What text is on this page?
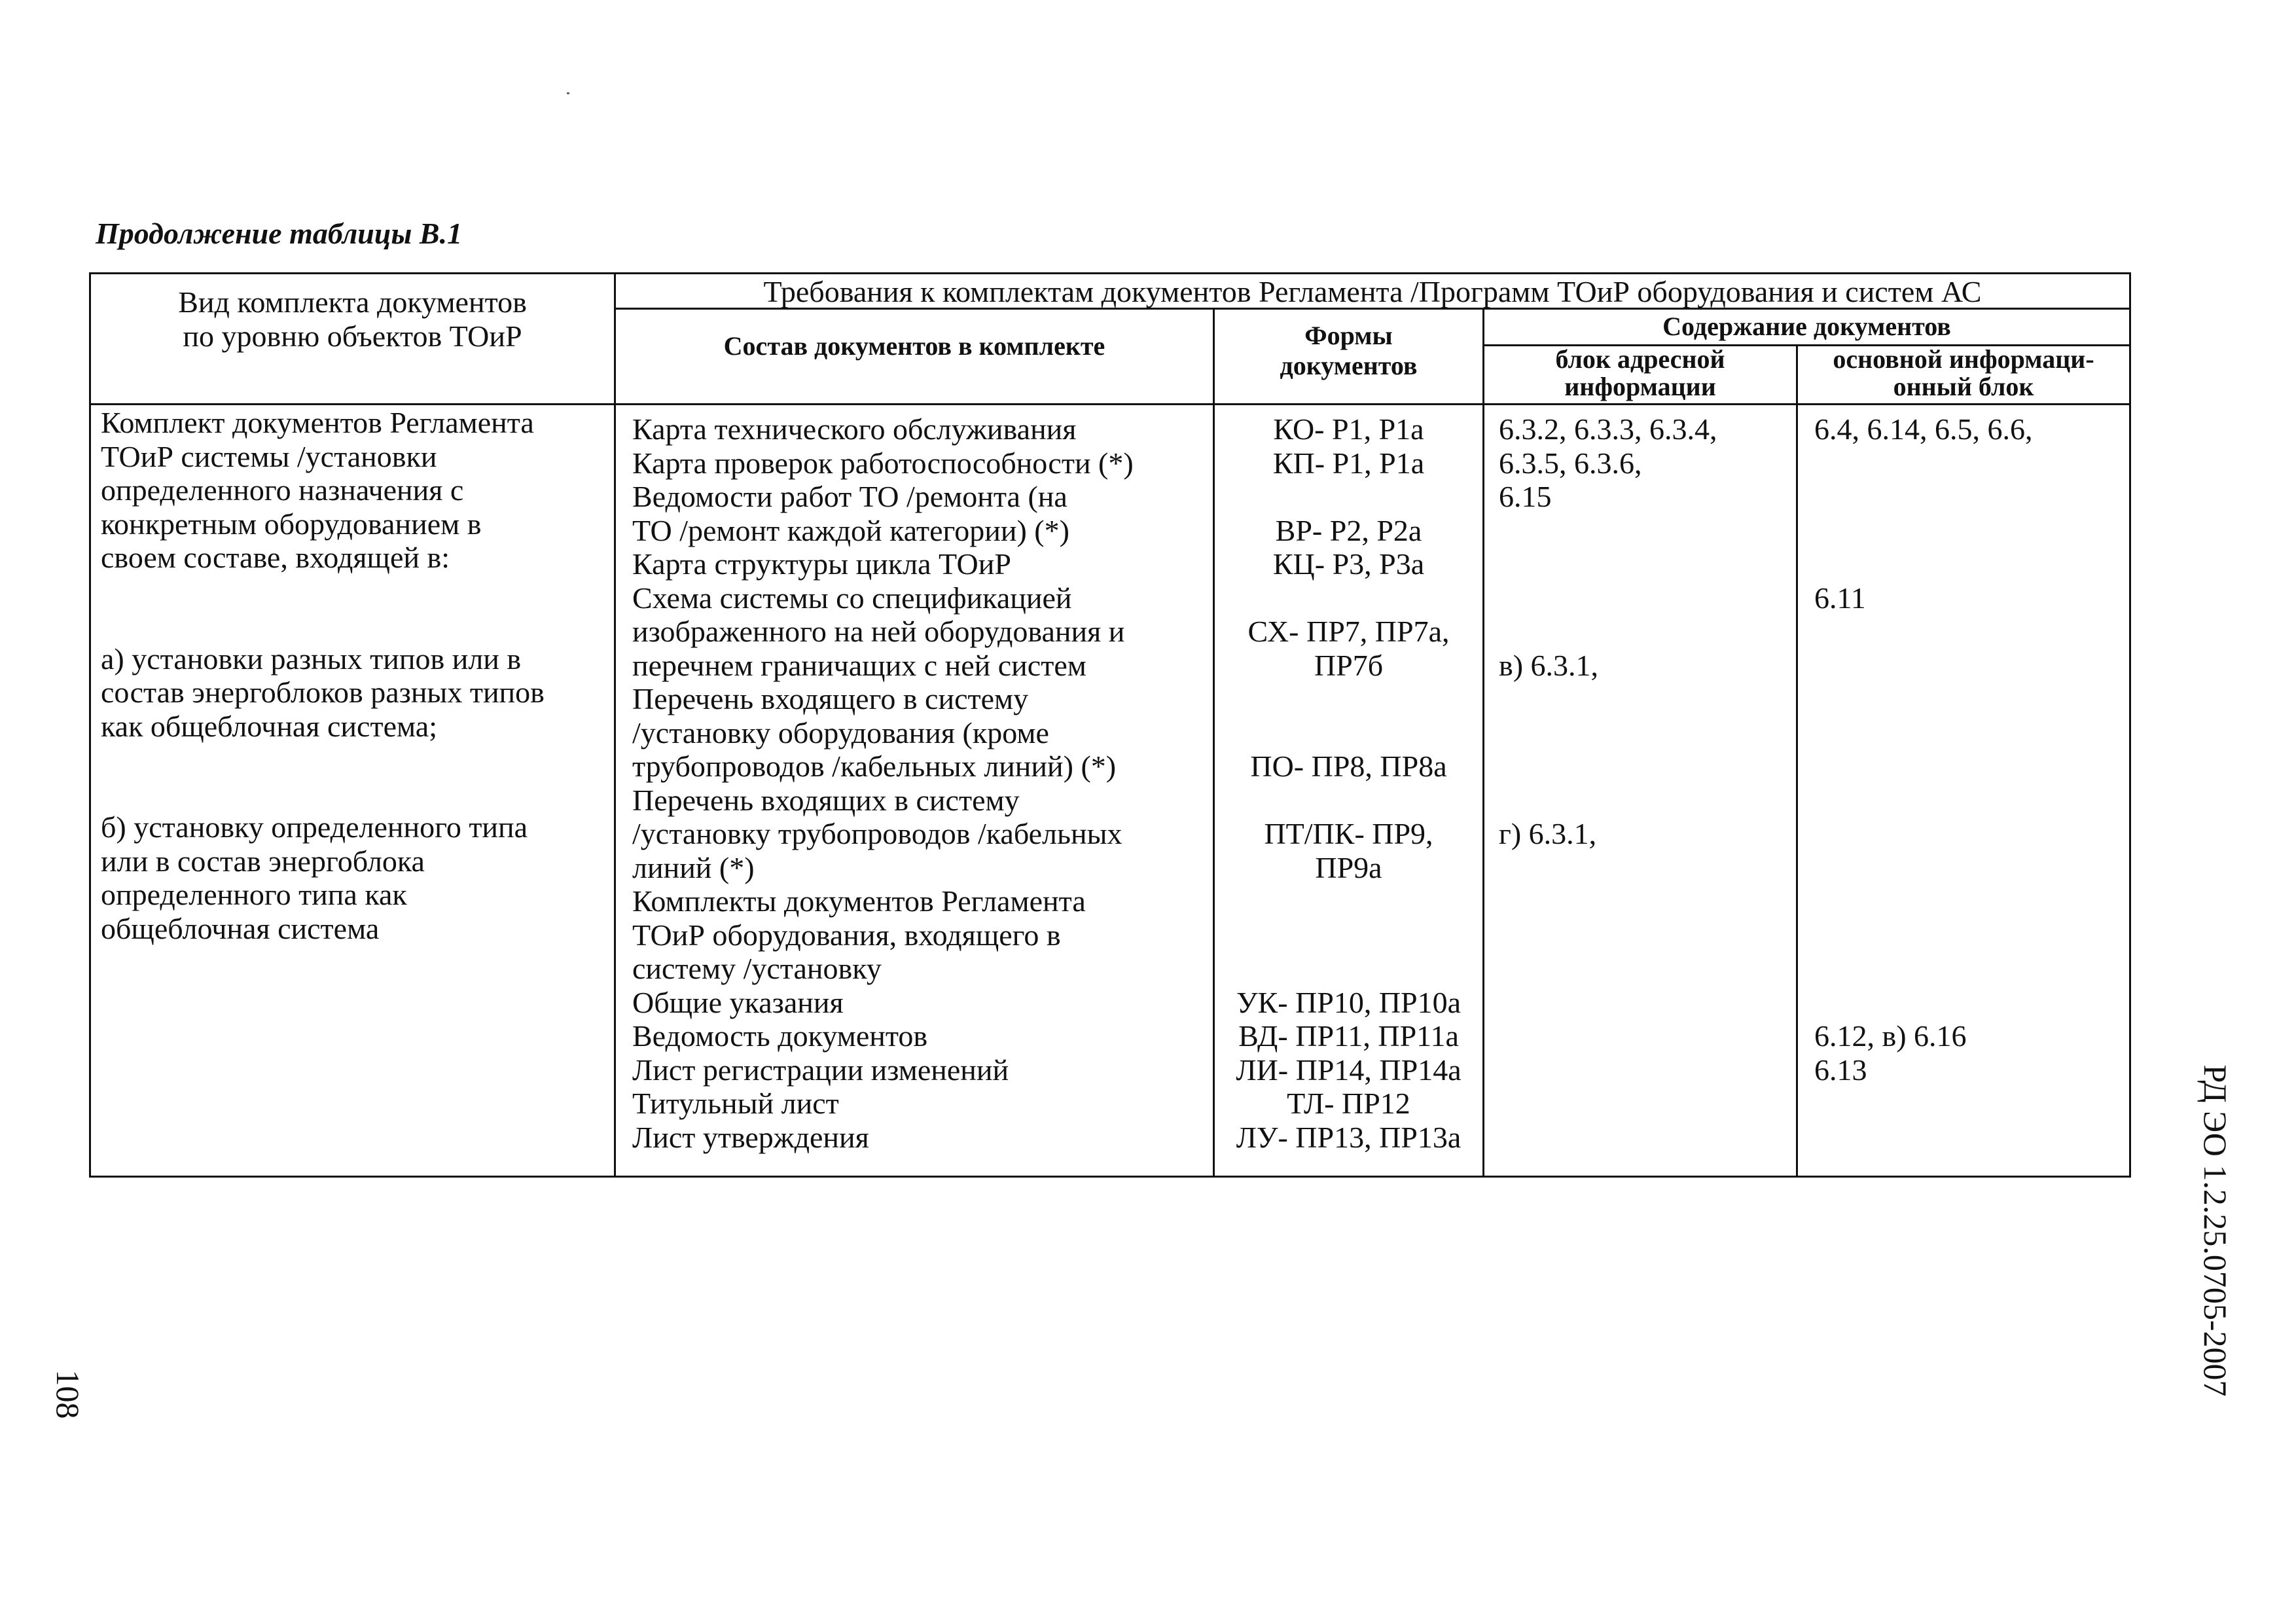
Продолжение таблицы В.1
Вид комплекта документов
по уровню объектов ТОиР
Требования к комплектам документов Регламента /Программ ТОиР оборудования и систем АС
Состав документов в комплекте	Формы
документов
Содержание документов
блок адресной
информации
основной информаци-
онный блок
Комплект документов Регламента
ТОиР системы /установки
определенного назначения с
конкретным оборудованием в
своем составе, входящей в:
а) установки разных типов или в
состав энергоблоков разных типов
как общеблочная система;
б) установку определенного типа
или в состав энергоблока
определенного типа как
общеблочная система
Карта технического обслуживания
Карта проверок работоспособности (*)
Ведомости работ ТО /ремонта (на
ТО /ремонт каждой категории) (*)
Карта структуры цикла ТОиР
Схема системы со спецификацией
изображенного на ней оборудования и
перечнем граничащих с ней систем
Перечень входящего в систему
/установку оборудования (кроме
трубопроводов /кабельных линий) (*)
Перечень входящих в систему
/установку трубопроводов /кабельных
линий (*)
Комплекты документов Регламента
ТОиР оборудования, входящего в
систему /установку
Общие указания
Ведомость документов
Лист регистрации изменений
Титульный лист
Лист утверждения
КО- Р1, Р1а
КП- Р1, Р1а
ВР- Р2, Р2а
КЦ- Р3, Р3а
СХ- ПР7, ПР7а,
ПР7б
ПО- ПР8, ПР8а
ПТ/ПК- ПР9,
ПР9а
УК- ПР10, ПР10а
ВД- ПР11, ПР11а
ЛИ- ПР14, ПР14а
ТЛ- ПР12
ЛУ- ПР13, ПР13а
6.3.2, 6.3.3, 6.3.4,
6.3.5, 6.3.6,
6.15
в) 6.3.1,
г) 6.3.1,
6.4, 6.14, 6.5, 6.6,
6.11
6.12, в) 6.16
6.13	РД ЭО 1.2.25.0705-2007
108
